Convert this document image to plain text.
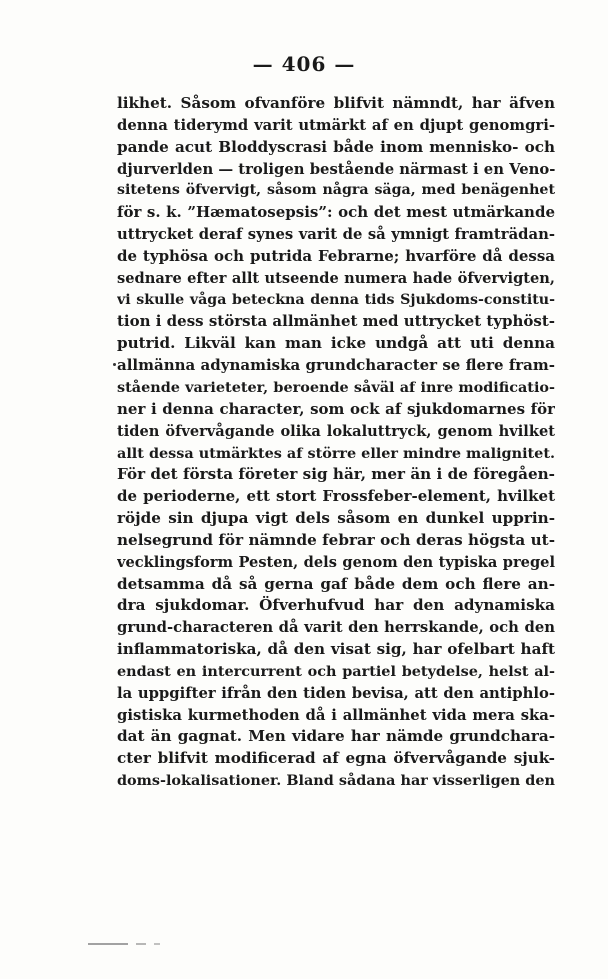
— 406 —
likhet. Såsom ofvanföre blifvit nämndt, har äfven
denna tiderymd varit utmärkt af en djupt genomgri-
pande acut Bloddyscrasi både inom mennisko- och
djurverlden — troligen bestående närmast i en Veno-
sitetens öfvervigt, såsom några säga, med benägenhet
för s. k. ”Hæmatosepsis”: och det mest utmärkande
uttrycket deraf synes varit de så ymnigt framträdan-
de typhösa och putrida Febrarne; hvarföre då dessa
sednare efter allt utseende numera hade öfvervigten,
vi skulle våga beteckna denna tids Sjukdoms-constitu-
tion i dess största allmänhet med uttrycket typhöst-
putrid. Likväl kan man icke undgå att uti denna
allmänna adynamiska grundcharacter se flere fram-
stående varieteter, beroende såväl af inre modificatio-
ner i denna character, som ock af sjukdomarnes för
tiden öfvervågande olika lokaluttryck, genom hvilket
allt dessa utmärktes af större eller mindre malignitet.
För det första företer sig här, mer än i de föregåen-
de perioderne, ett stort Frossfeber-element, hvilket
röjde sin djupa vigt dels såsom en dunkel upprin-
nelsegrund för nämnde febrar och deras högsta ut-
vecklingsform Pesten, dels genom den typiska pregel
detsamma då så gerna gaf både dem och flere an-
dra sjukdomar. Öfverhufvud har den adynamiska
grund-characteren då varit den herrskande, och den
inflammatoriska, då den visat sig, har ofelbart haft
endast en intercurrent och partiel betydelse, helst al-
la uppgifter ifrån den tiden bevisa, att den antiphlo-
gistiska kurmethoden då i allmänhet vida mera ska-
dat än gagnat. Men vidare har nämde grundchara-
cter blifvit modificerad af egna öfvervågande sjuk-
doms-lokalisationer. Bland sådana har visserligen den
